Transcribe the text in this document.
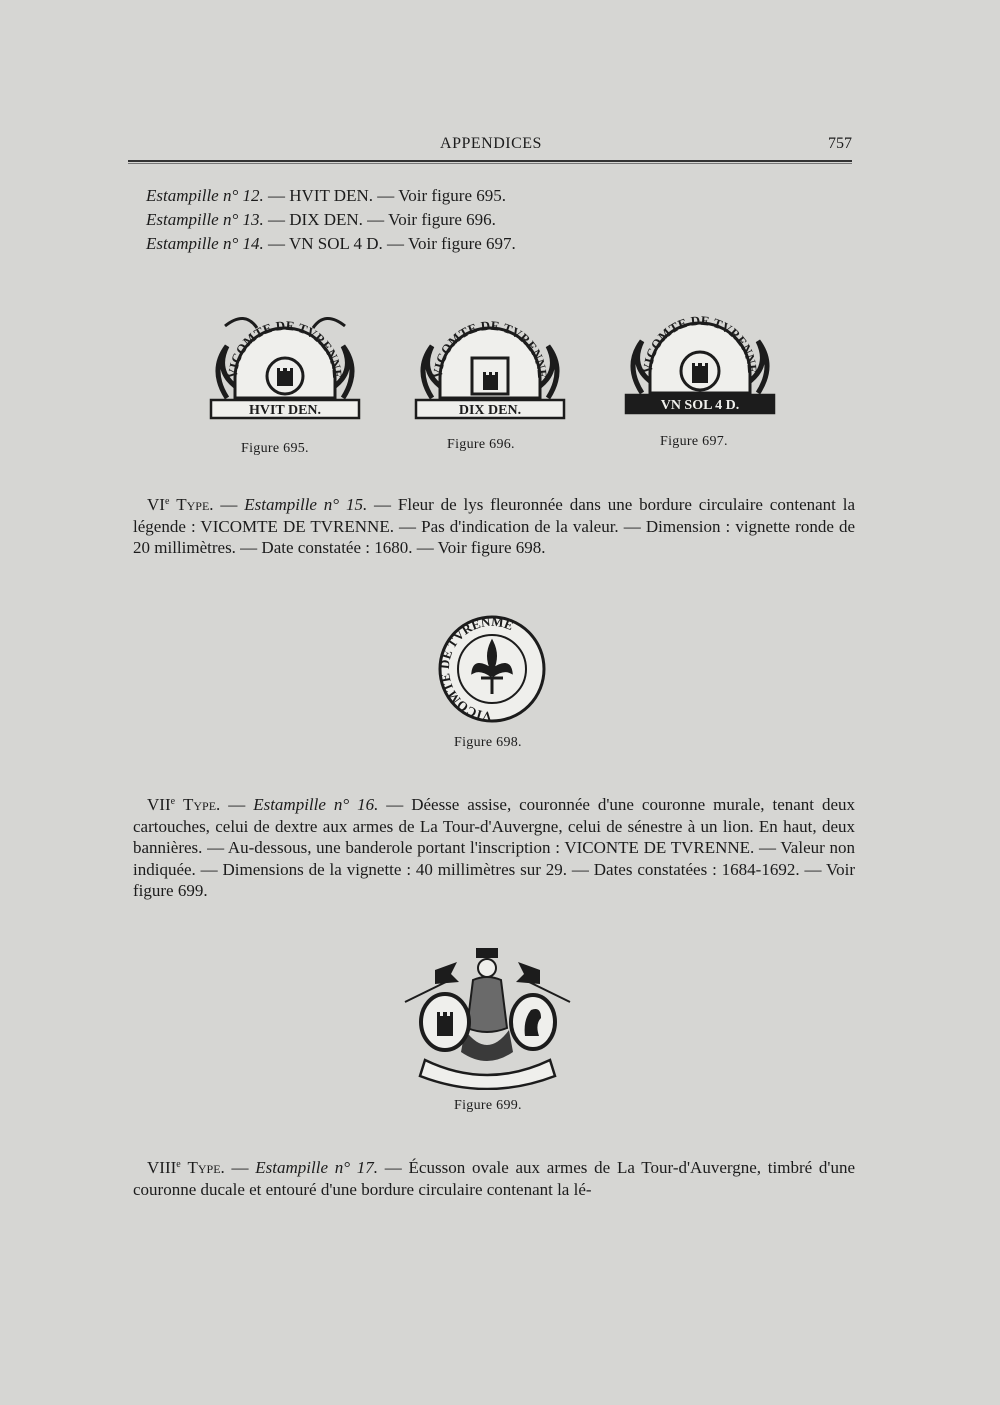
APPENDICES	757
Estampille n° 12. — HVIT DEN. — Voir figure 695.
Estampille n° 13. — DIX DEN. — Voir figure 696.
Estampille n° 14. — VN SOL 4 D. — Voir figure 697.
VICOMTE DE TVRENNE
HVIT DEN.
Figure 695.
VICOMTE DE TVRENNE
DIX DEN.
Figure 696.
VICOMTE DE TVRENNE
VN SOL 4 D.
Figure 697.
VIe Type. — Estampille n° 15. — Fleur de lys fleuronnée dans une bordure circulaire contenant la légende : VICOMTE DE TVRENNE. — Pas d'indication de la valeur. — Dimension : vignette ronde de 20 millimètres. — Date constatée : 1680. — Voir figure 698.
VICOMTE DE TVRENME
Figure 698.
VIIe Type. — Estampille n° 16. — Déesse assise, couronnée d'une couronne murale, tenant deux cartouches, celui de dextre aux armes de La Tour-d'Auvergne, celui de sénestre à un lion. En haut, deux bannières. — Au-dessous, une banderole portant l'inscription : VICONTE DE TVRENNE. — Valeur non indiquée. — Dimensions de la vignette : 40 millimètres sur 29. — Dates constatées : 1684-1692. — Voir figure 699.
Figure 699.
VIIIe Type. — Estampille n° 17. — Écusson ovale aux armes de La Tour-d'Auvergne, timbré d'une couronne ducale et entouré d'une bordure circulaire contenant la lé-
